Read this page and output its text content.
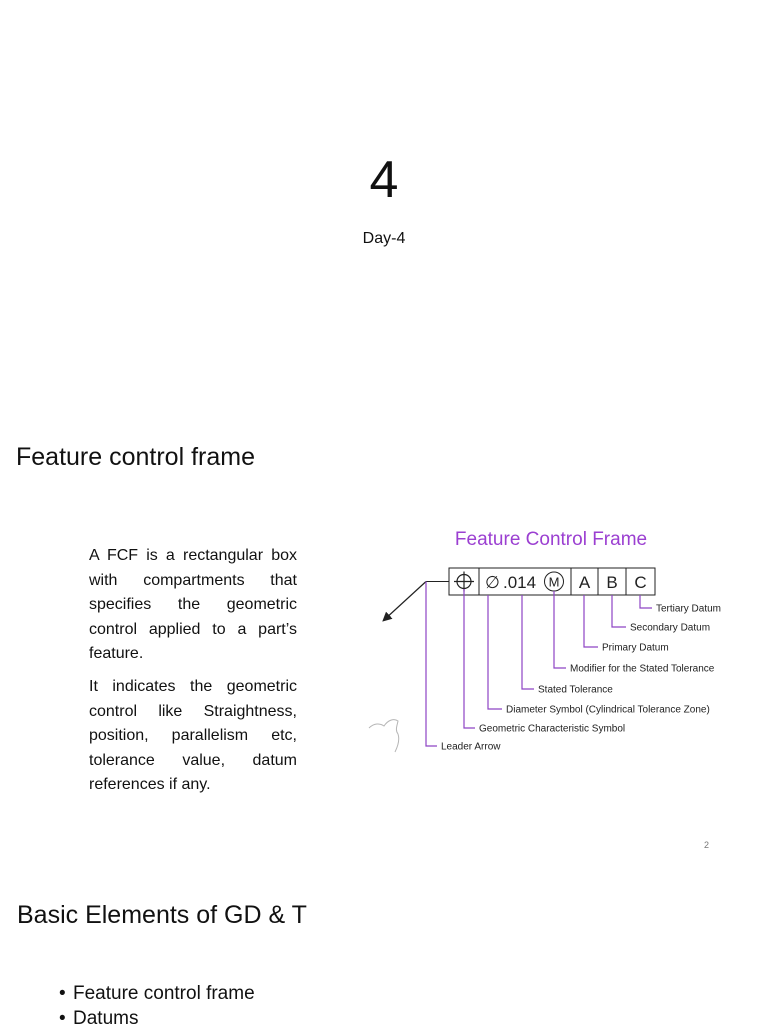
4
Day-4
Feature control frame

A FCF is a rectangular box with compartments that specifies the geometric control applied to a part’s feature.

It indicates the geometric control like Straightness, position, parallelism etc, tolerance value, datum references if any.

Feature Control Frame
∅ .014 M A B C
Tertiary Datum
Secondary Datum
Primary Datum
Modifier for the Stated Tolerance
Stated Tolerance
Diameter Symbol (Cylindrical Tolerance Zone)
Geometric Characteristic Symbol
Leader Arrow
2
Basic Elements of GD & T
• Feature control frame
• Datums
